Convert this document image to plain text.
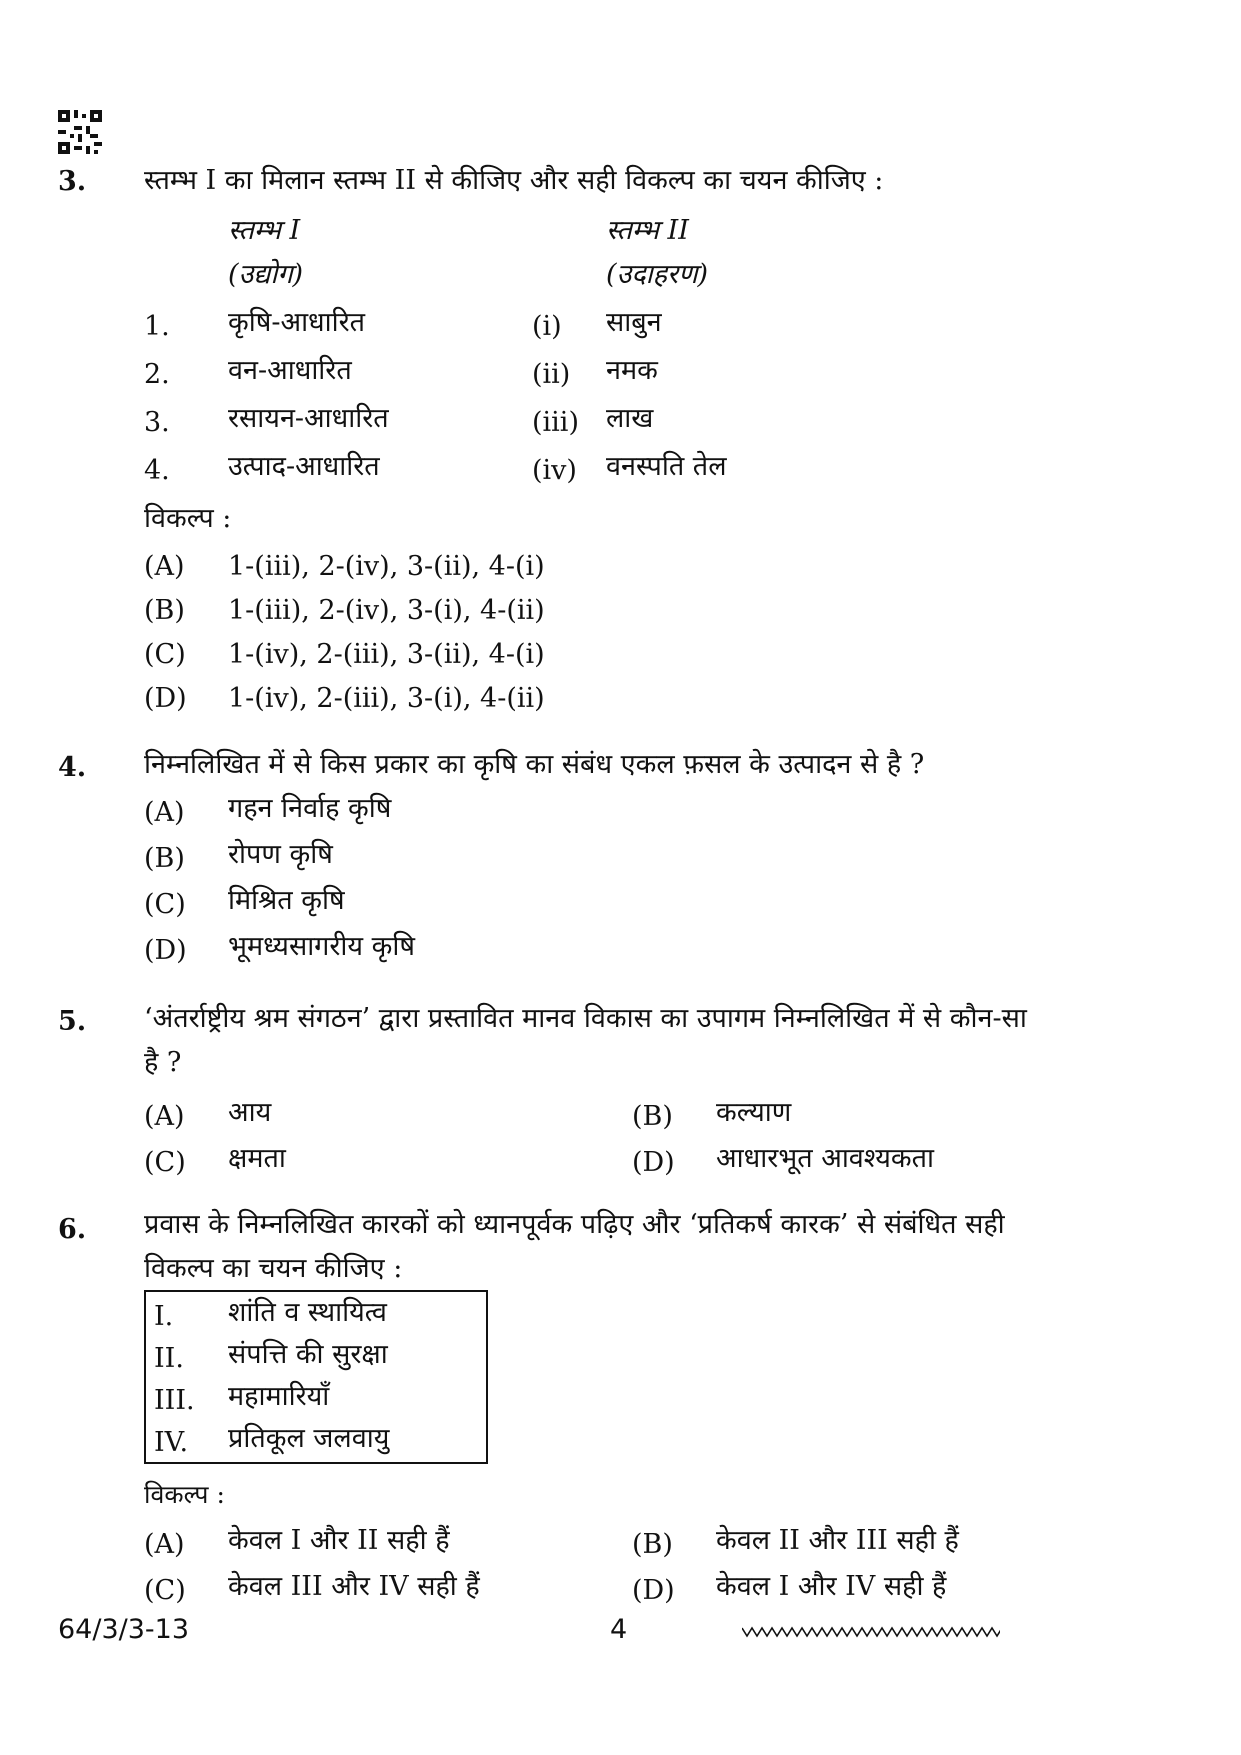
3. स्तम्भ I का मिलान स्तम्भ II से कीजिए और सही विकल्प का चयन कीजिए :
स्तम्भ I
(उद्योग)
स्तम्भ II
(उदाहरण)
1. कृषि-आधारित	(i) साबुन
2. वन-आधारित	(ii) नमक
3. रसायन-आधारित	(iii) लाख
4. उत्पाद-आधारित	(iv) वनस्पति तेल
विकल्प :
(A) 1-(iii), 2-(iv), 3-(ii), 4-(i)
(B) 1-(iii), 2-(iv), 3-(i), 4-(ii)
(C) 1-(iv), 2-(iii), 3-(ii), 4-(i)
(D) 1-(iv), 2-(iii), 3-(i), 4-(ii)
4. निम्नलिखित में से किस प्रकार का कृषि का संबंध एकल फ़सल के उत्पादन से है ?
(A) गहन निर्वाह कृषि
(B) रोपण कृषि
(C) मिश्रित कृषि
(D) भूमध्यसागरीय कृषि
5. ‘अंतर्राष्ट्रीय श्रम संगठन’ द्वारा प्रस्तावित मानव विकास का उपागम निम्नलिखित में से कौन-सा
है ?
(A) आय	(B) कल्याण
(C) क्षमता	(D) आधारभूत आवश्यकता
6. प्रवास के निम्नलिखित कारकों को ध्यानपूर्वक पढ़िए और ‘प्रतिकर्ष कारक’ से संबंधित सही
विकल्प का चयन कीजिए :
I. शांति व स्थायित्व
II. संपत्ति की सुरक्षा
III. महामारियाँ
IV. प्रतिकूल जलवायु
विकल्प :
(A) केवल I और II सही हैं	(B) केवल II और III सही हैं
(C) केवल III और IV सही हैं	(D) केवल I और IV सही हैं
64/3/3-13	4
